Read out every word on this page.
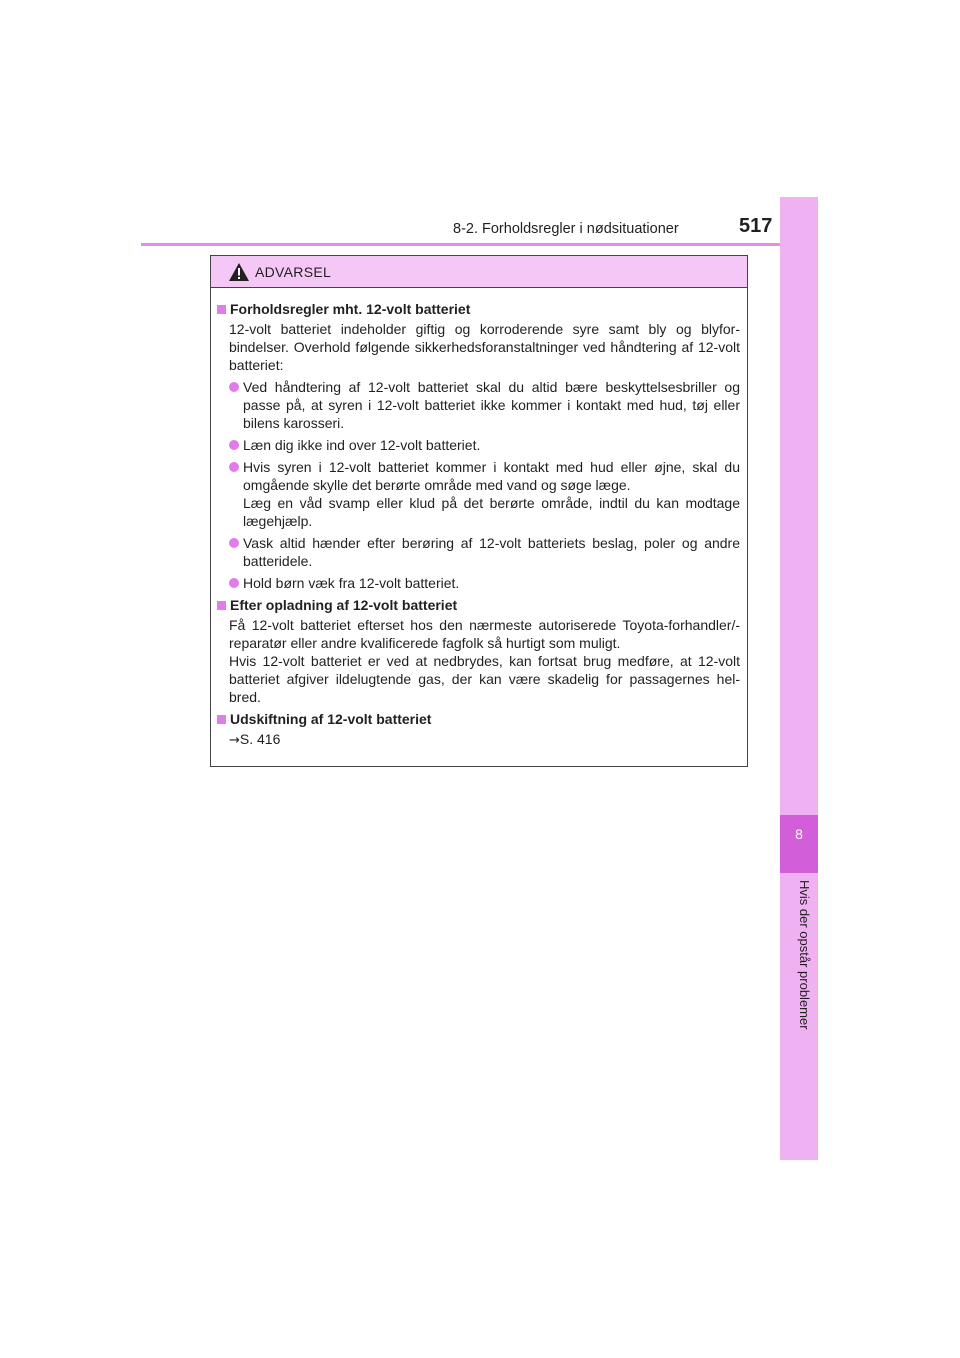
8-2. Forholdsregler i nødsituationer	517
8
Hvis der opstår problemer
ADVARSEL
Forholdsregler mht. 12-volt batteriet

12-volt batteriet indeholder giftig og korroderende syre samt bly og blyfor-bindelser. Overhold følgende sikkerhedsforanstaltninger ved håndtering af 12-volt batteriet:

Ved håndtering af 12-volt batteriet skal du altid bære beskyttelsesbriller og passe på, at syren i 12-volt batteriet ikke kommer i kontakt med hud, tøj eller bilens karosseri.
Læn dig ikke ind over 12-volt batteriet.
Hvis syren i 12-volt batteriet kommer i kontakt med hud eller øjne, skal du omgående skylle det berørte område med vand og søge læge.
Læg en våd svamp eller klud på det berørte område, indtil du kan modtage lægehjælp.
Vask altid hænder efter berøring af 12-volt batteriets beslag, poler og andre batteridele.
Hold børn væk fra 12-volt batteriet.
Efter opladning af 12-volt batteriet

Få 12-volt batteriet efterset hos den nærmeste autoriserede Toyota-forhandler/-reparatør eller andre kvalificerede fagfolk så hurtigt som muligt.

Hvis 12-volt batteriet er ved at nedbrydes, kan fortsat brug medføre, at 12-volt batteriet afgiver ildelugtende gas, der kan være skadelig for passagernes hel-bred.

Udskiftning af 12-volt batteriet

→S. 416
